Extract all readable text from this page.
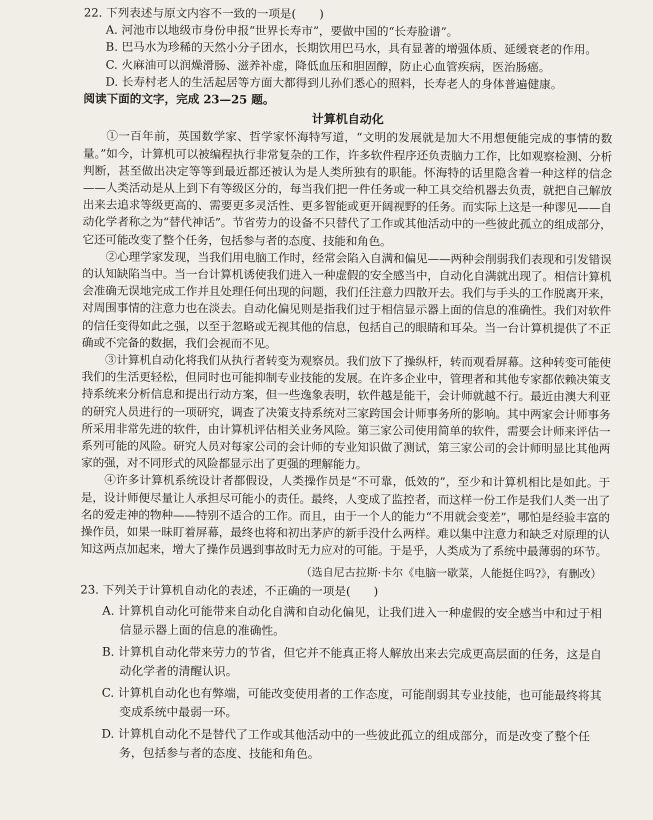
22. 下列表述与原文内容不一致的一项是(　　)

A. 河池市以地级市身份申报“世界长寿市”，要做中国的“长寿脸谱”。

B. 巴马水为珍稀的天然小分子团水，长期饮用巴马水，具有显著的增强体质、延缓衰老的作用。

C. 火麻油可以润燥滑肠、滋养补虚，降低血压和胆固醇，防止心血管疾病，医治肠癌。

D. 长寿村老人的生活起居等方面大都得到儿孙们悉心的照料，长寿老人的身体普遍健康。

阅读下面的文字，完成 23—25 题。

计算机自动化

①一百年前，英国数学家、哲学家怀海特写道，“文明的发展就是加大不用想便能完成的事情的数量。”如今，计算机可以被编程执行非常复杂的工作，许多软件程序还负责脑力工作，比如观察检测、分析判断，甚至做出决定等等到最近都还被认为是人类所独有的职能。怀海特的话里隐含着一种这样的信念——人类活动是从上到下有等级区分的，每当我们把一件任务或一种工具交给机器去负责，就把自己解放出来去追求等级更高的、需要更多灵活性、更多智能或更开阔视野的任务。而实际上这是一种谬见——自动化学者称之为“替代神话”。节省劳力的设备不只替代了工作或其他活动中的一些彼此孤立的组成部分，它还可能改变了整个任务，包括参与者的态度、技能和角色。

②心理学家发现，当我们用电脑工作时，经常会陷入自满和偏见——两种会削弱我们表现和引发错误的认知缺陷当中。当一台计算机诱使我们进入一种虚假的安全感当中，自动化自满就出现了。相信计算机会准确无误地完成工作并且处理任何出现的问题，我们任注意力四散开去。我们与手头的工作脱离开来，对周围事情的注意力也在淡去。自动化偏见则是指我们过于相信显示器上面的信息的准确性。我们对软件的信任变得如此之强，以至于忽略或无视其他的信息，包括自己的眼睛和耳朵。当一台计算机提供了不正确或不完备的数据，我们会视而不见。

③计算机自动化将我们从执行者转变为观察员。我们放下了操纵杆，转而观看屏幕。这种转变可能使我们的生活更轻松，但同时也可能抑制专业技能的发展。在许多企业中，管理者和其他专家都依赖决策支持系统来分析信息和提出行动方案，但一些逸象表明，软件越是能干，会计师就越不行。最近由澳大利亚的研究人员进行的一项研究，调查了决策支持系统对三家跨国会计师事务所的影响。其中两家会计师事务所采用非常先进的软件，由计算机评估相关业务风险。第三家公司使用简单的软件，需要会计师来评估一系列可能的风险。研究人员对每家公司的会计师的专业知识做了测试，第三家公司的会计师明显比其他两家的强，对不同形式的风险都显示出了更强的理解能力。

④许多计算机系统设计者都假设，人类操作员是“不可靠，低效的”，至少和计算机相比是如此。于是，设计师便尽量让人承担尽可能小的责任。最终，人变成了监控者，而这样一份工作是我们人类一出了名的爱走神的物种——特别不适合的工作。而且，由于一个人的能力“不用就会变差”，哪怕是经验丰富的操作员，如果一昧盯着屏幕，最终也将和初出茅庐的新手没什么两样。难以集中注意力和缺乏对原理的认知这两点加起来，增大了操作员遇到事故时无力应对的可能。于是乎，人类成为了系统中最薄弱的环节。

（选自尼古拉斯·卡尔《电脑一歇菜，人能挺住吗?》，有删改）

23. 下列关于计算机自动化的表述，不正确的一项是(　　)

A. 计算机自动化可能带来自动化自满和自动化偏见，让我们进入一种虚假的安全感当中和过于相信显示器上面的信息的准确性。

B. 计算机自动化带来劳力的节省，但它并不能真正将人解放出来去完成更高层面的任务，这是自动化学者的清醒认识。

C. 计算机自动化也有弊端，可能改变使用者的工作态度，可能削弱其专业技能，也可能最终将其变成系统中最弱一环。

D. 计算机自动化不是替代了工作或其他活动中的一些彼此孤立的组成部分，而是改变了整个任务，包括参与者的态度、技能和角色。
